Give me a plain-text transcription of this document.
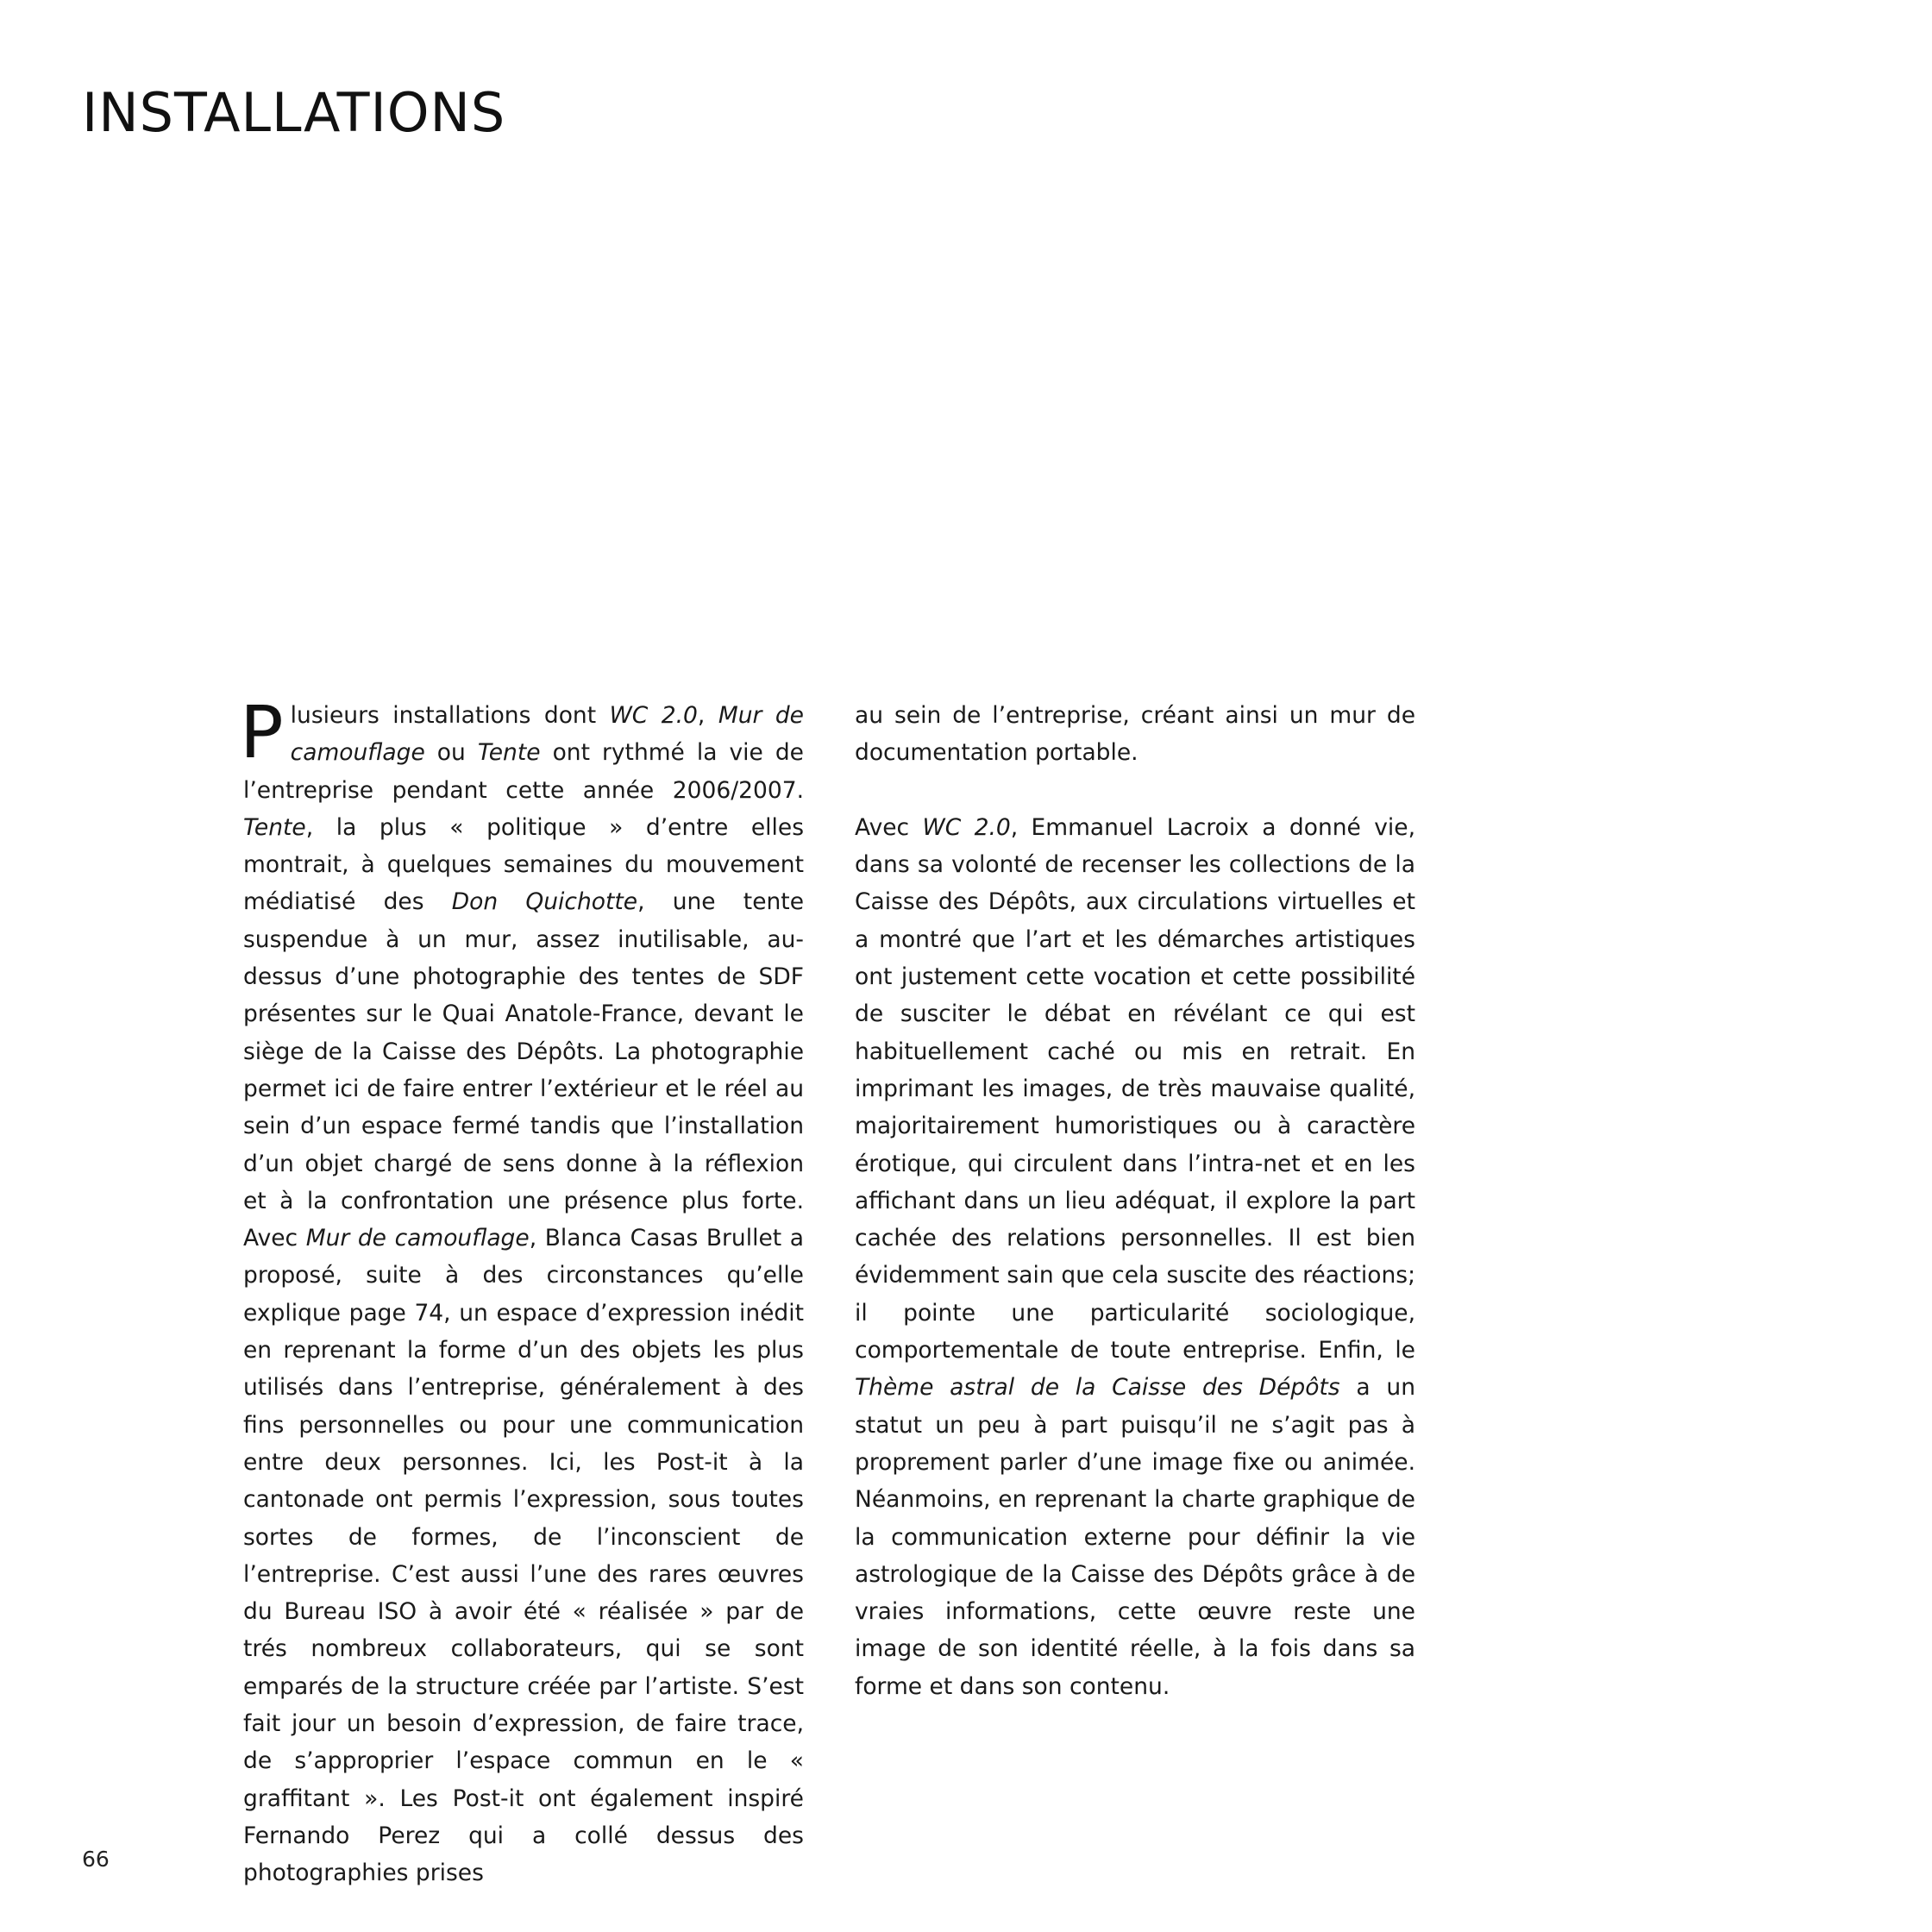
INSTALLATIONS

P lusieurs installations dont WC 2.0, Mur de camouflage ou Tente ont rythmé la vie de l’entreprise pendant cette année 2006/2007. Tente, la plus « politique » d’entre elles montrait, à quelques semaines du mouvement médiatisé des Don Quichotte, une tente suspendue à un mur, assez inutilisable, au-dessus d’une photographie des tentes de SDF présentes sur le Quai Anatole-France, devant le siège de la Caisse des Dépôts. La photographie permet ici de faire entrer l’extérieur et le réel au sein d’un espace fermé tandis que l’installation d’un objet chargé de sens donne à la réflexion et à la confrontation une présence plus forte. Avec Mur de camouflage, Blanca Casas Brullet a proposé, suite à des circonstances qu’elle explique page 74, un espace d’expression inédit en reprenant la forme d’un des objets les plus utilisés dans l’entreprise, généralement à des fins personnelles ou pour une communication entre deux personnes. Ici, les Post-it à la cantonade ont permis l’expression, sous toutes sortes de formes, de l’inconscient de l’entreprise. C’est aussi l’une des rares œuvres du Bureau ISO à avoir été « réalisée » par de trés nombreux collaborateurs, qui se sont emparés de la structure créée par l’artiste. S’est fait jour un besoin d’expression, de faire trace, de s’approprier l’espace commun en le « graffitant ». Les Post-it ont également inspiré Fernando Perez qui a collé dessus des photographies prises

au sein de l’entreprise, créant ainsi un mur de documentation portable.

Avec WC 2.0, Emmanuel Lacroix a donné vie, dans sa volonté de recenser les collections de la Caisse des Dépôts, aux circulations virtuelles et a montré que l’art et les démarches artistiques ont justement cette vocation et cette possibilité de susciter le débat en révélant ce qui est habituellement caché ou mis en retrait. En imprimant les images, de très mauvaise qualité, majoritairement humoristiques ou à caractère érotique, qui circulent dans l’intra-net et en les affichant dans un lieu adéquat, il explore la part cachée des relations personnelles. Il est bien évidemment sain que cela suscite des réactions; il pointe une particularité sociologique, comportementale de toute entreprise. Enfin, le Thème astral de la Caisse des Dépôts a un statut un peu à part puisqu’il ne s’agit pas à proprement parler d’une image fixe ou animée. Néanmoins, en reprenant la charte graphique de la communication externe pour définir la vie astrologique de la Caisse des Dépôts grâce à de vraies informations, cette œuvre reste une image de son identité réelle, à la fois dans sa forme et dans son contenu.

66
